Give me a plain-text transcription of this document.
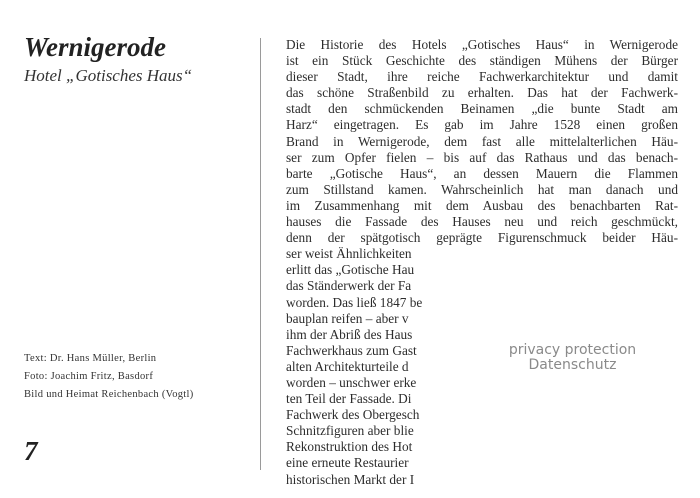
Wernigerode
Hotel „Gotisches Haus“
Text: Dr. Hans Müller, Berlin
Foto: Joachim Fritz, Basdorf
Bild und Heimat Reichenbach (Vogtl)
7
Die Historie des Hotels „Gotisches Haus“ in Wernigerode
ist ein Stück Geschichte des ständigen Mühens der Bürger
dieser Stadt, ihre reiche Fachwerkarchitektur und damit
das schöne Straßenbild zu erhalten. Das hat der Fachwerk-
stadt den schmückenden Beinamen „die bunte Stadt am
Harz“ eingetragen. Es gab im Jahre 1528 einen großen
Brand in Wernigerode, dem fast alle mittelalterlichen Häu-
ser zum Opfer fielen – bis auf das Rathaus und das benach-
barte „Gotische Haus“, an dessen Mauern die Flammen
zum Stillstand kamen. Wahrscheinlich hat man danach und
im Zusammenhang mit dem Ausbau des benachbarten Rat-
hauses die Fassade des Hauses neu und reich geschmückt,
denn der spätgotisch geprägte Figurenschmuck beider Häu-
ser weist Ähnlichkeiten
erlitt das „Gotische Hau
das Ständerwerk der Fa
worden. Das ließ 1847 be
bauplan reifen – aber v
ihm der Abriß des Haus
Fachwerkhaus zum Gast
alten Architekturteile d
worden – unschwer erke
ten Teil der Fassade. Di
Fachwerk des Obergesch
Schnitzfiguren aber blie
Rekonstruktion des Hot
eine erneute Restaurier
historischen Markt der I
privacy protection
Datenschutz
